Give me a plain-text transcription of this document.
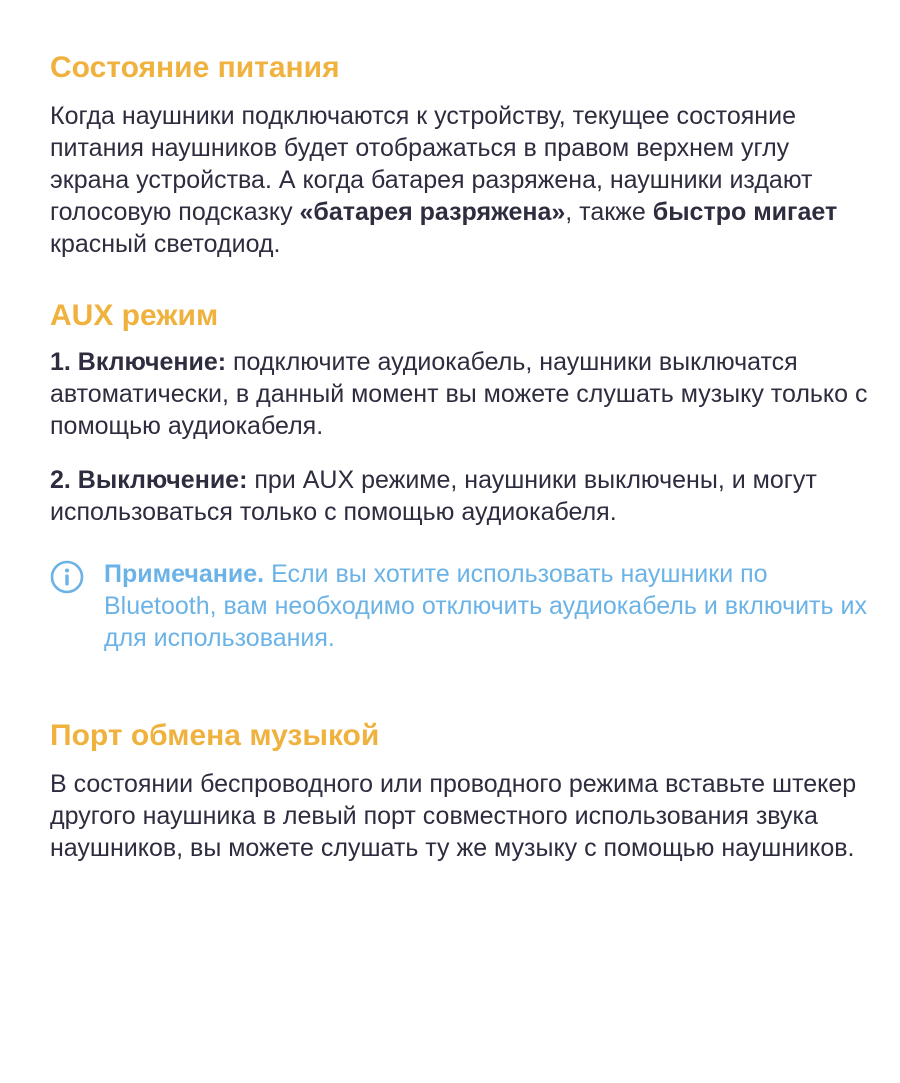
Состояние питания

Когда наушники подключаются к устройству, текущее состояние питания наушников будет отображаться в правом верхнем углу экрана устройства. А когда батарея разряжена, наушники издают голосовую подсказку «батарея разряжена», также быстро мигает красный светодиод.

AUX режим

1. Включение: подключите аудиокабель, наушники выключатся автоматически, в данный момент вы можете слушать музыку только с помощью аудиокабеля.

2. Выключение: при AUX режиме, наушники выключены, и могут использоваться только с помощью аудиокабеля.

Примечание. Если вы хотите использовать наушники по Bluetooth, вам необходимо отключить аудиокабель и включить их для использования.

Порт обмена музыкой

В состоянии беспроводного или проводного режима вставьте штекер другого наушника в левый порт совместного использования звука наушников, вы можете слушать ту же музыку с помощью наушников.
